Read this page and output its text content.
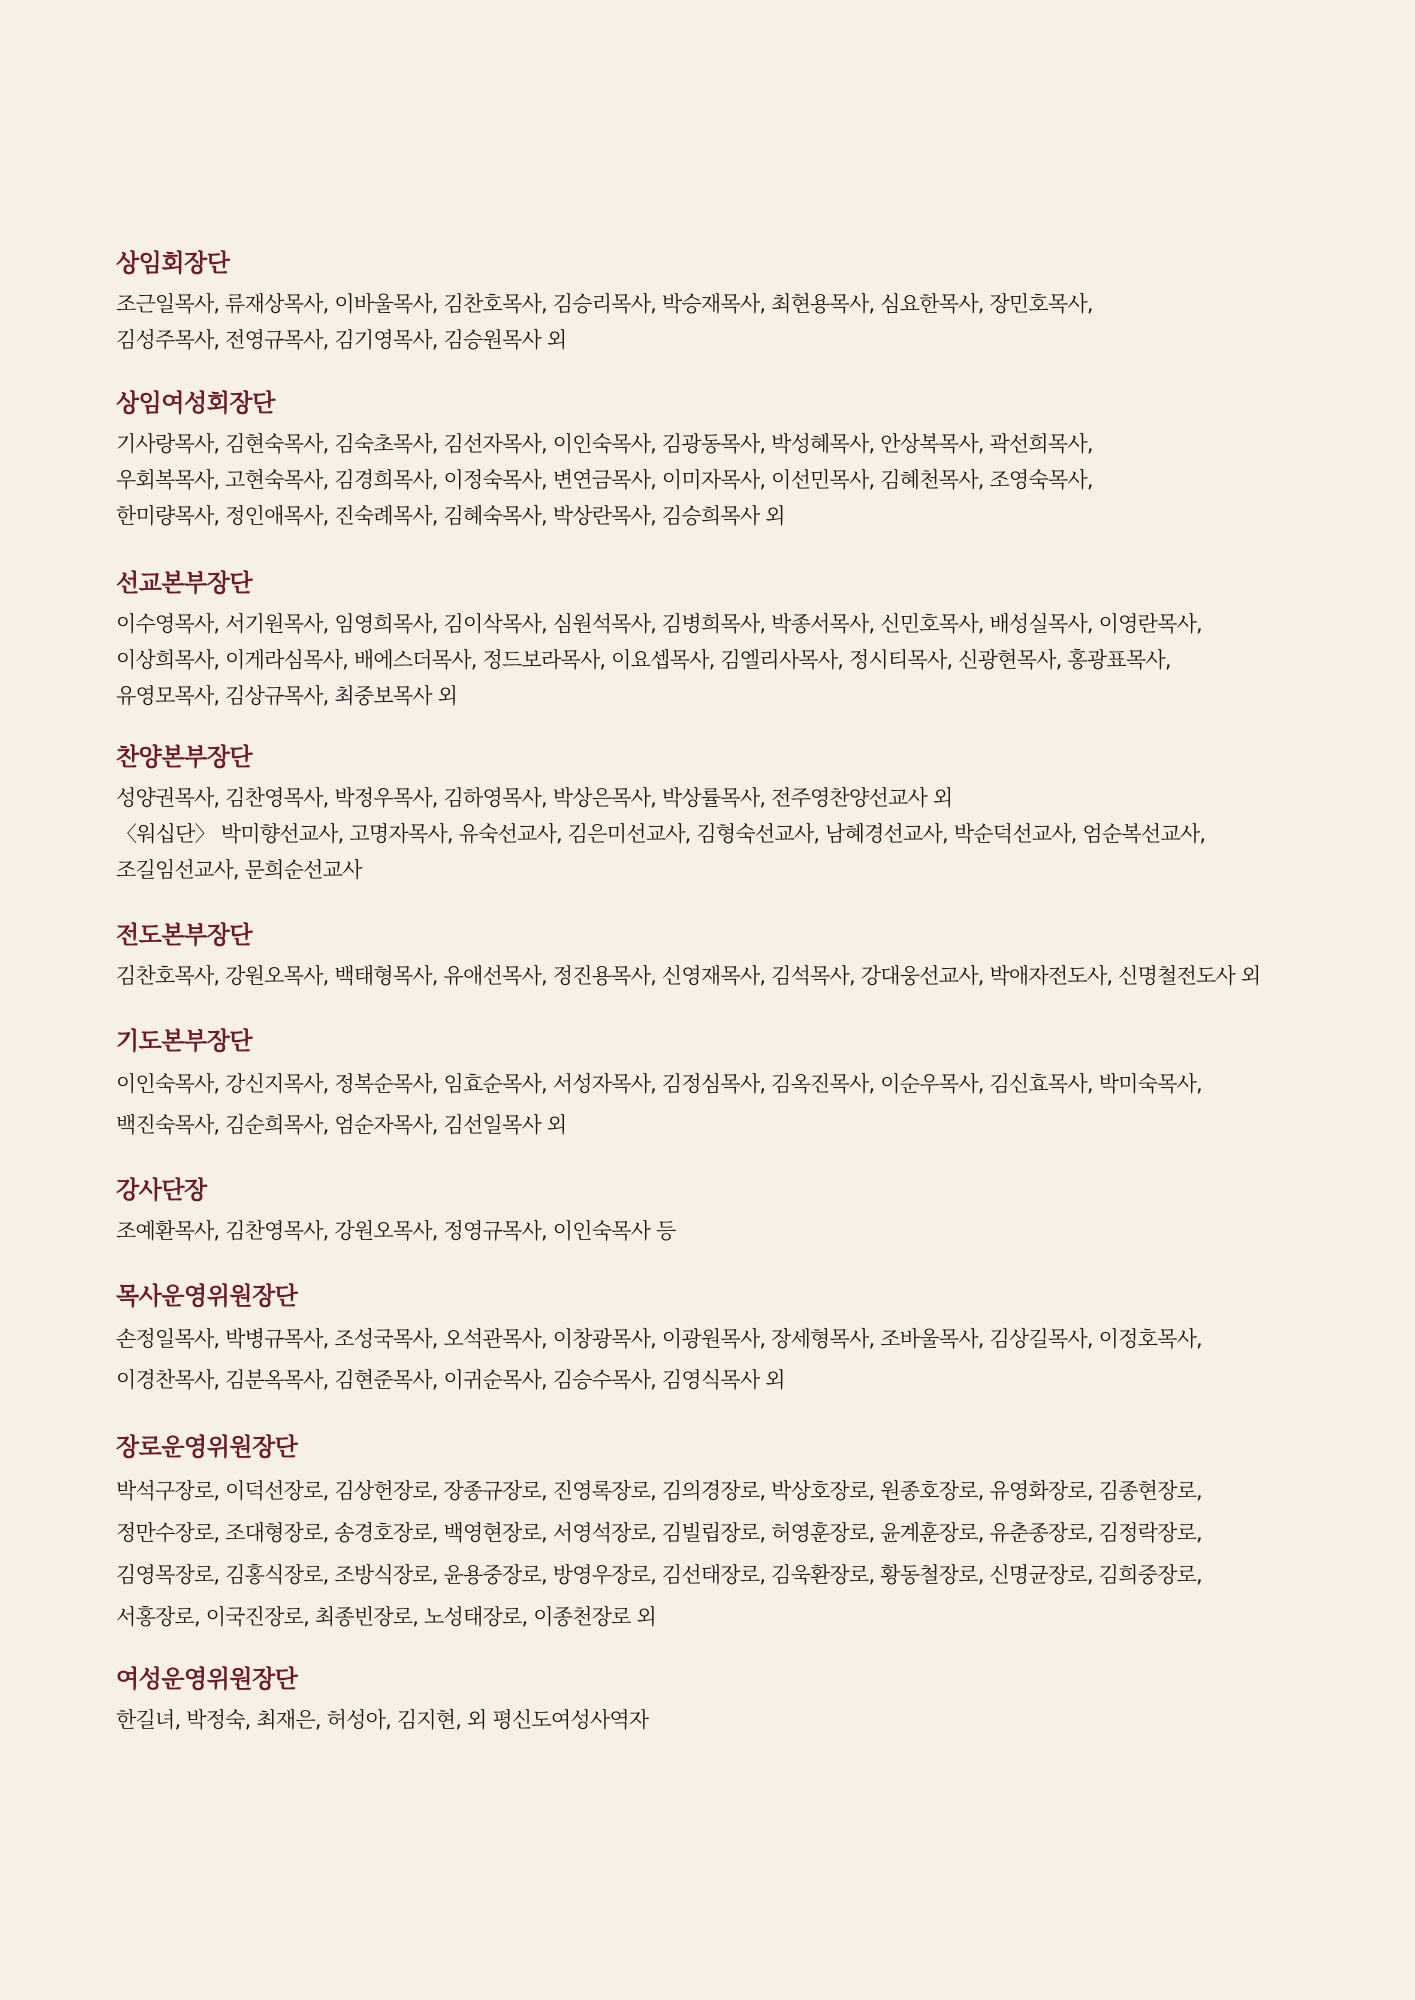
상임회장단
조근일목사, 류재상목사, 이바울목사, 김찬호목사, 김승리목사, 박승재목사, 최현용목사, 심요한목사, 장민호목사,
김성주목사, 전영규목사, 김기영목사, 김승원목사 외
상임여성회장단
기사랑목사, 김현숙목사, 김숙초목사, 김선자목사, 이인숙목사, 김광동목사, 박성혜목사, 안상복목사, 곽선희목사,
우회복목사, 고현숙목사, 김경희목사, 이정숙목사, 변연금목사, 이미자목사, 이선민목사, 김혜천목사, 조영숙목사,
한미량목사, 정인애목사, 진숙례목사, 김혜숙목사, 박상란목사, 김승희목사 외
선교본부장단
이수영목사, 서기원목사, 임영희목사, 김이삭목사, 심원석목사, 김병희목사, 박종서목사, 신민호목사, 배성실목사, 이영란목사,
이상희목사, 이게라심목사, 배에스더목사, 정드보라목사, 이요셉목사, 김엘리사목사, 정시티목사, 신광현목사, 홍광표목사,
유영모목사, 김상규목사, 최중보목사 외
찬양본부장단
성양권목사, 김찬영목사, 박정우목사, 김하영목사, 박상은목사, 박상률목사, 전주영찬양선교사 외
〈워십단〉 박미향선교사, 고명자목사, 유숙선교사, 김은미선교사, 김형숙선교사, 남혜경선교사, 박순덕선교사, 엄순복선교사,
조길임선교사, 문희순선교사
전도본부장단
김찬호목사, 강원오목사, 백태형목사, 유애선목사, 정진용목사, 신영재목사, 김석목사, 강대웅선교사, 박애자전도사, 신명철전도사 외
기도본부장단
이인숙목사, 강신지목사, 정복순목사, 임효순목사, 서성자목사, 김정심목사, 김옥진목사, 이순우목사, 김신효목사, 박미숙목사,
백진숙목사, 김순희목사, 엄순자목사, 김선일목사 외
강사단장
조예환목사, 김찬영목사, 강원오목사, 정영규목사, 이인숙목사 등
목사운영위원장단
손정일목사, 박병규목사, 조성국목사, 오석관목사, 이창광목사, 이광원목사, 장세형목사, 조바울목사, 김상길목사, 이정호목사,
이경찬목사, 김분옥목사, 김현준목사, 이귀순목사, 김승수목사, 김영식목사 외
장로운영위원장단
박석구장로, 이덕선장로, 김상헌장로, 장종규장로, 진영록장로, 김의경장로, 박상호장로, 원종호장로, 유영화장로, 김종현장로,
정만수장로, 조대형장로, 송경호장로, 백영현장로, 서영석장로, 김빌립장로, 허영훈장로, 윤계훈장로, 유춘종장로, 김정락장로,
김영목장로, 김홍식장로, 조방식장로, 윤용중장로, 방영우장로, 김선태장로, 김욱환장로, 황동철장로, 신명균장로, 김희중장로,
서홍장로, 이국진장로, 최종빈장로, 노성태장로, 이종천장로 외
여성운영위원장단
한길녀, 박정숙, 최재은, 허성아, 김지현, 외 평신도여성사역자
